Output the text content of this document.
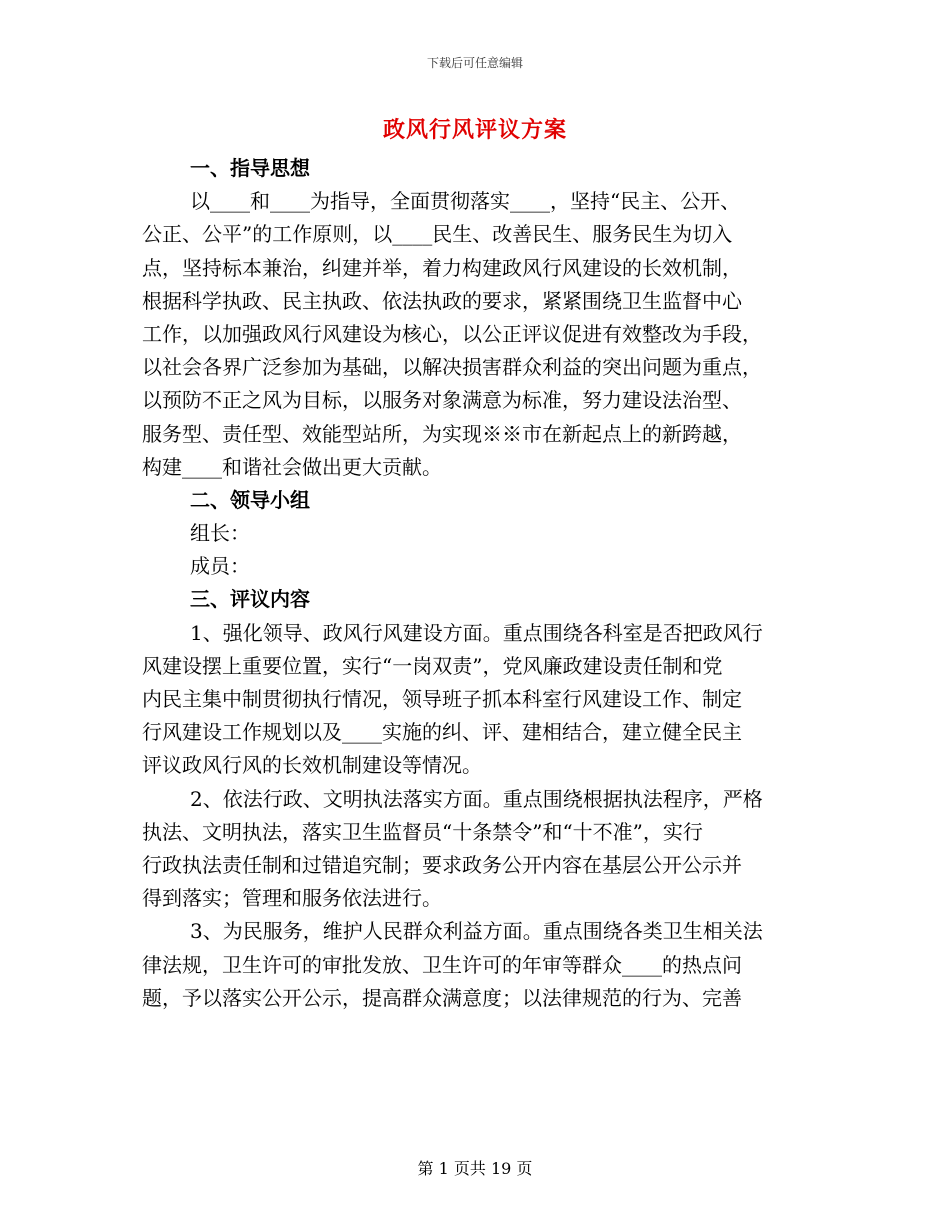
下载后可任意编辑
政风行风评议方案
一、指导思想
以____和____为指导，全面贯彻落实____，坚持“民主、公开、
公正、公平”的工作原则，以____民生、改善民生、服务民生为切入
点，坚持标本兼治，纠建并举，着力构建政风行风建设的长效机制，
根据科学执政、民主执政、依法执政的要求，紧紧围绕卫生监督中心
工作，以加强政风行风建设为核心，以公正评议促进有效整改为手段，
以社会各界广泛参加为基础，以解决损害群众利益的突出问题为重点，
以预防不正之风为目标，以服务对象满意为标准，努力建设法治型、
服务型、责任型、效能型站所，为实现※※市在新起点上的新跨越，
构建____和谐社会做出更大贡献。
二、领导小组
组长：
成员：
三、评议内容
1、强化领导、政风行风建设方面。重点围绕各科室是否把政风行
风建设摆上重要位置，实行“一岗双责”，党风廉政建设责任制和党
内民主集中制贯彻执行情况，领导班子抓本科室行风建设工作、制定
行风建设工作规划以及____实施的纠、评、建相结合，建立健全民主
评议政风行风的长效机制建设等情况。
2、依法行政、文明执法落实方面。重点围绕根据执法程序，严格
执法、文明执法，落实卫生监督员“十条禁令”和“十不准”，实行
行政执法责任制和过错追究制；要求政务公开内容在基层公开公示并
得到落实；管理和服务依法进行。
3、为民服务，维护人民群众利益方面。重点围绕各类卫生相关法
律法规，卫生许可的审批发放、卫生许可的年审等群众____的热点问
题，予以落实公开公示，提高群众满意度；以法律规范的行为、完善
第 1 页共 19 页
